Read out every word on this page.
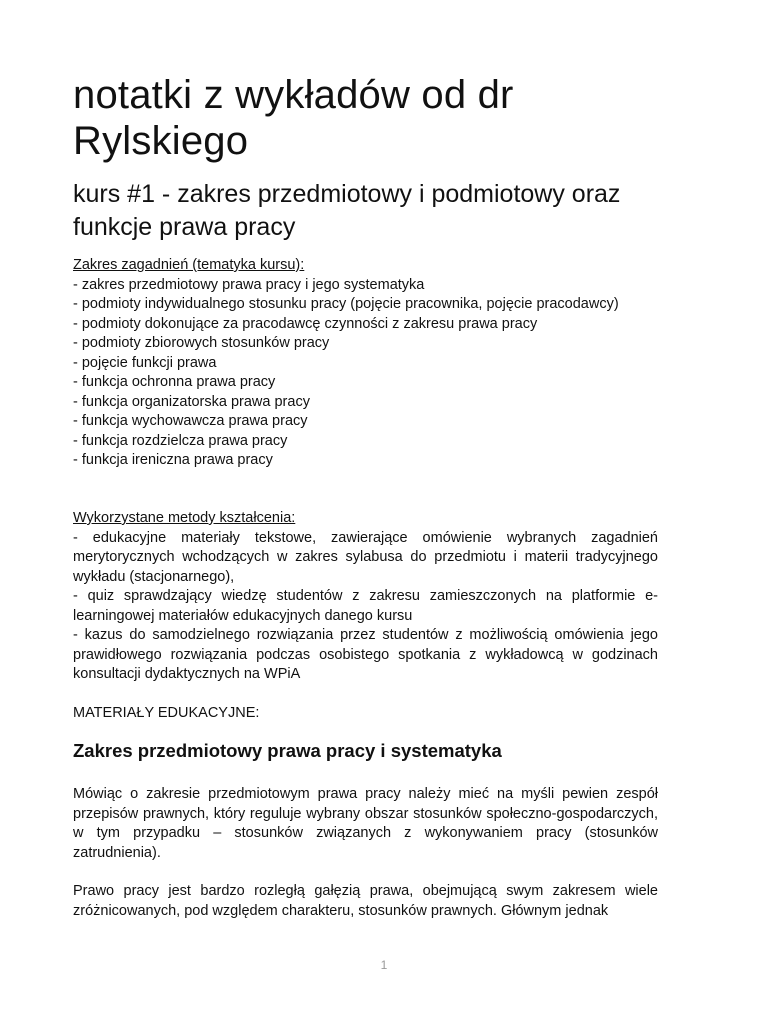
notatki z wykładów od dr Rylskiego
kurs #1 - zakres przedmiotowy i podmiotowy oraz funkcje prawa pracy

Zakres zagadnień (tematyka kursu):

- zakres przedmiotowy prawa pracy i jego systematyka

- podmioty indywidualnego stosunku pracy (pojęcie pracownika, pojęcie pracodawcy)

- podmioty dokonujące za pracodawcę czynności z zakresu prawa pracy

- podmioty zbiorowych stosunków pracy

- pojęcie funkcji prawa

- funkcja ochronna prawa pracy

- funkcja organizatorska prawa pracy

- funkcja wychowawcza prawa pracy

- funkcja rozdzielcza prawa pracy

- funkcja ireniczna prawa pracy

Wykorzystane metody kształcenia:

- edukacyjne materiały tekstowe, zawierające omówienie wybranych zagadnień merytorycznych wchodzących w zakres sylabusa do przedmiotu i materii tradycyjnego wykładu (stacjonarnego),

- quiz sprawdzający wiedzę studentów z zakresu zamieszczonych na platformie e-learningowej materiałów edukacyjnych danego kursu

- kazus do samodzielnego rozwiązania przez studentów z możliwością omówienia jego prawidłowego rozwiązania podczas osobistego spotkania z wykładowcą w godzinach konsultacji dydaktycznych na WPiA

MATERIAŁY EDUKACYJNE:

Zakres przedmiotowy prawa pracy i systematyka

Mówiąc o zakresie przedmiotowym prawa pracy należy mieć na myśli pewien zespół przepisów prawnych, który reguluje wybrany obszar stosunków społeczno-gospodarczych, w tym przypadku – stosunków związanych z wykonywaniem pracy (stosunków zatrudnienia).

Prawo pracy jest bardzo rozległą gałęzią prawa, obejmującą swym zakresem wiele zróżnicowanych, pod względem charakteru, stosunków prawnych. Głównym jednak

1
